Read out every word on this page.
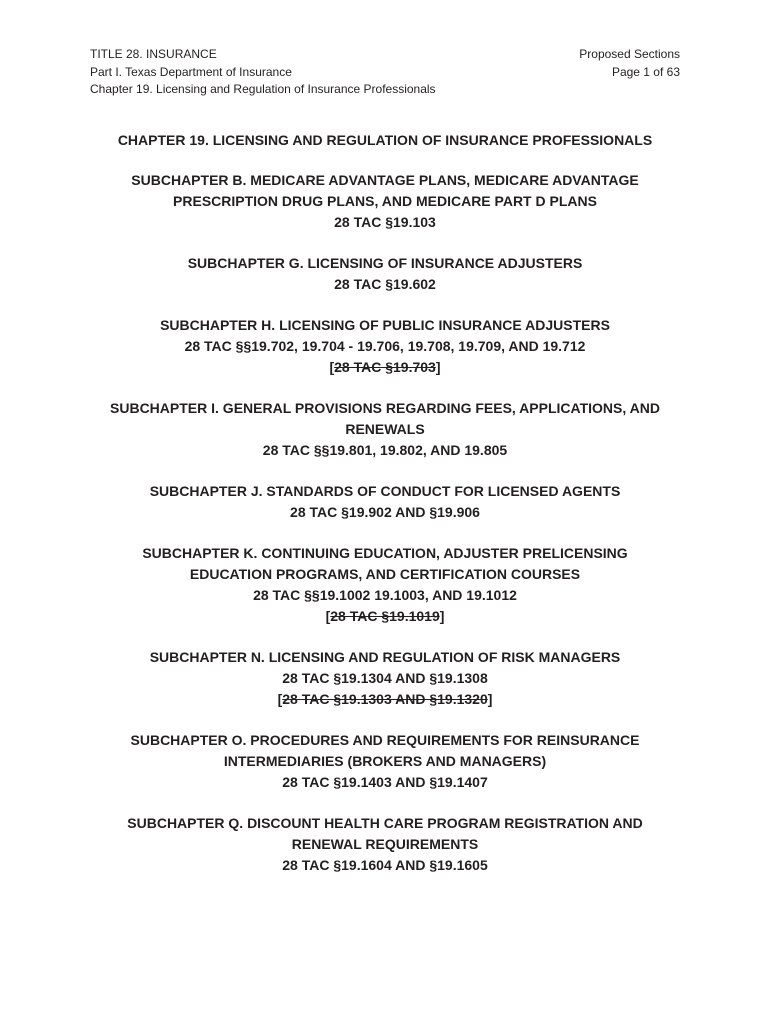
TITLE 28. INSURANCE
Part I. Texas Department of Insurance
Chapter 19. Licensing and Regulation of Insurance Professionals
Proposed Sections
Page 1 of 63
CHAPTER 19. LICENSING AND REGULATION OF INSURANCE PROFESSIONALS
SUBCHAPTER B. MEDICARE ADVANTAGE PLANS, MEDICARE ADVANTAGE
PRESCRIPTION DRUG PLANS, AND MEDICARE PART D PLANS
28 TAC §19.103
SUBCHAPTER G. LICENSING OF INSURANCE ADJUSTERS
28 TAC §19.602
SUBCHAPTER H. LICENSING OF PUBLIC INSURANCE ADJUSTERS
28 TAC §§19.702, 19.704 - 19.706, 19.708, 19.709, AND 19.712
[28 TAC §19.703]
SUBCHAPTER I. GENERAL PROVISIONS REGARDING FEES, APPLICATIONS, AND
RENEWALS
28 TAC §§19.801, 19.802, AND 19.805
SUBCHAPTER J. STANDARDS OF CONDUCT FOR LICENSED AGENTS
28 TAC §19.902 AND §19.906
SUBCHAPTER K. CONTINUING EDUCATION, ADJUSTER PRELICENSING
EDUCATION PROGRAMS, AND CERTIFICATION COURSES
28 TAC §§19.1002 19.1003, AND 19.1012
[28 TAC §19.1019]
SUBCHAPTER N. LICENSING AND REGULATION OF RISK MANAGERS
28 TAC §19.1304 AND §19.1308
[28 TAC §19.1303 AND §19.1320]
SUBCHAPTER O. PROCEDURES AND REQUIREMENTS FOR REINSURANCE
INTERMEDIARIES (BROKERS AND MANAGERS)
28 TAC §19.1403 AND §19.1407
SUBCHAPTER Q. DISCOUNT HEALTH CARE PROGRAM REGISTRATION AND
RENEWAL REQUIREMENTS
28 TAC §19.1604 AND §19.1605
